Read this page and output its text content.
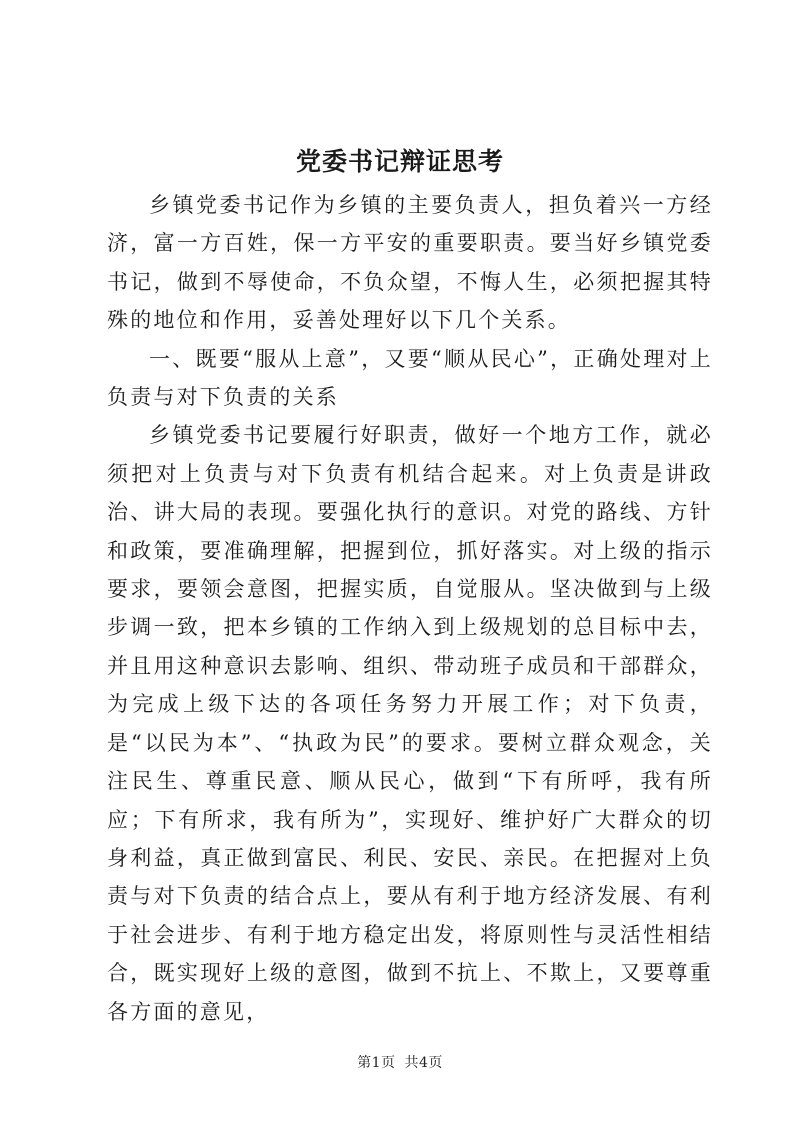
党委书记辩证思考

乡镇党委书记作为乡镇的主要负责人，担负着兴一方经济，富一方百姓，保一方平安的重要职责。要当好乡镇党委书记，做到不辱使命，不负众望，不悔人生，必须把握其特殊的地位和作用，妥善处理好以下几个关系。

一、既要“服从上意”，又要“顺从民心”，正确处理对上负责与对下负责的关系

乡镇党委书记要履行好职责，做好一个地方工作，就必须把对上负责与对下负责有机结合起来。对上负责是讲政治、讲大局的表现。要强化执行的意识。对党的路线、方针和政策，要准确理解，把握到位，抓好落实。对上级的指示要求，要领会意图，把握实质，自觉服从。坚决做到与上级步调一致，把本乡镇的工作纳入到上级规划的总目标中去，并且用这种意识去影响、组织、带动班子成员和干部群众，为完成上级下达的各项任务努力开展工作；对下负责，是“以民为本”、“执政为民”的要求。要树立群众观念，关注民生、尊重民意、顺从民心，做到“下有所呼，我有所应；下有所求，我有所为”，实现好、维护好广大群众的切身利益，真正做到富民、利民、安民、亲民。在把握对上负责与对下负责的结合点上，要从有利于地方经济发展、有利于社会进步、有利于地方稳定出发，将原则性与灵活性相结合，既实现好上级的意图，做到不抗上、不欺上，又要尊重各方面的意见，

第1页 共4页
